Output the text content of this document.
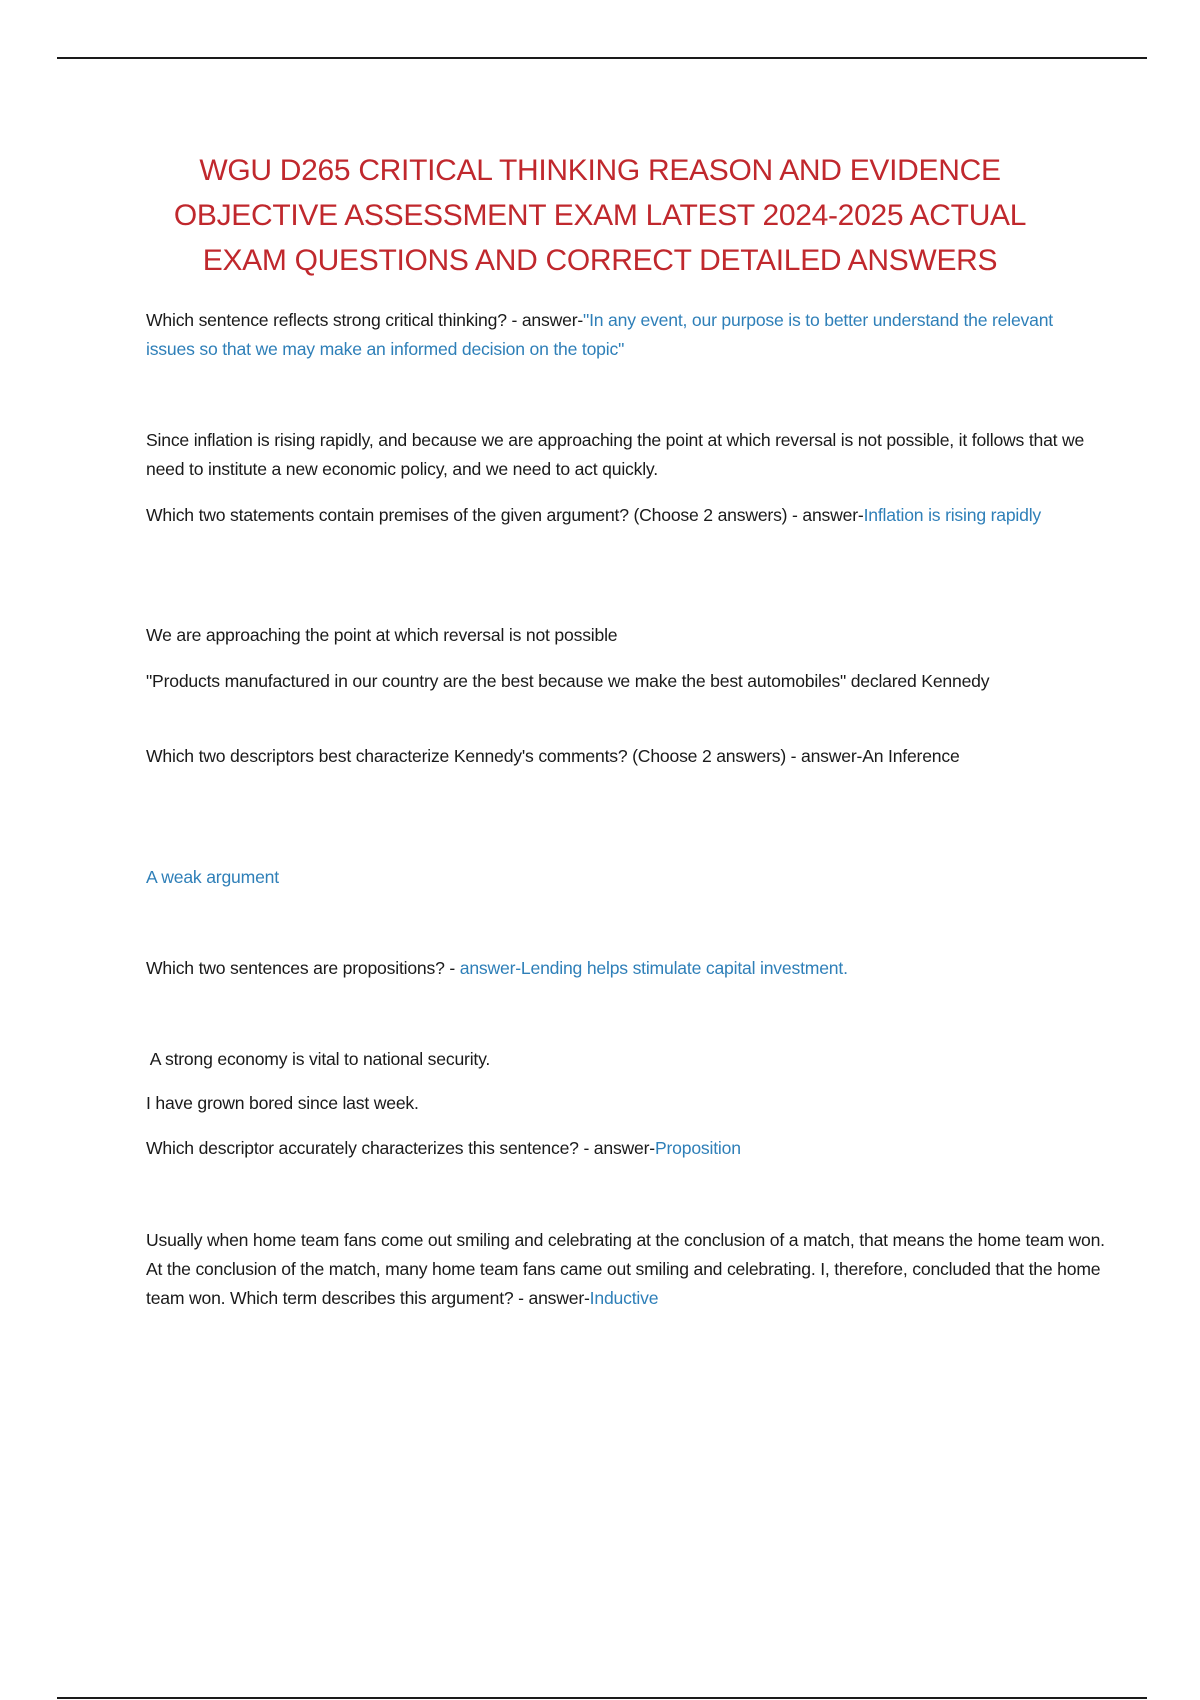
WGU D265 CRITICAL THINKING REASON AND EVIDENCE
OBJECTIVE ASSESSMENT EXAM LATEST 2024-2025 ACTUAL
EXAM QUESTIONS AND CORRECT DETAILED ANSWERS
Which sentence reflects strong critical thinking? - answer-"In any event, our purpose is to better understand the relevant issues so that we may make an informed decision on the topic"
Since inflation is rising rapidly, and because we are approaching the point at which reversal is not possible, it follows that we need to institute a new economic policy, and we need to act quickly.
Which two statements contain premises of the given argument? (Choose 2 answers) - answer-Inflation is rising rapidly
We are approaching the point at which reversal is not possible
"Products manufactured in our country are the best because we make the best automobiles" declared Kennedy
Which two descriptors best characterize Kennedy's comments? (Choose 2 answers) - answer-An Inference
A weak argument
Which two sentences are propositions? - answer-Lending helps stimulate capital investment.
A strong economy is vital to national security.
I have grown bored since last week.
Which descriptor accurately characterizes this sentence? - answer-Proposition
Usually when home team fans come out smiling and celebrating at the conclusion of a match, that means the home team won. At the conclusion of the match, many home team fans came out smiling and celebrating. I, therefore, concluded that the home team won. Which term describes this argument? - answer-Inductive
